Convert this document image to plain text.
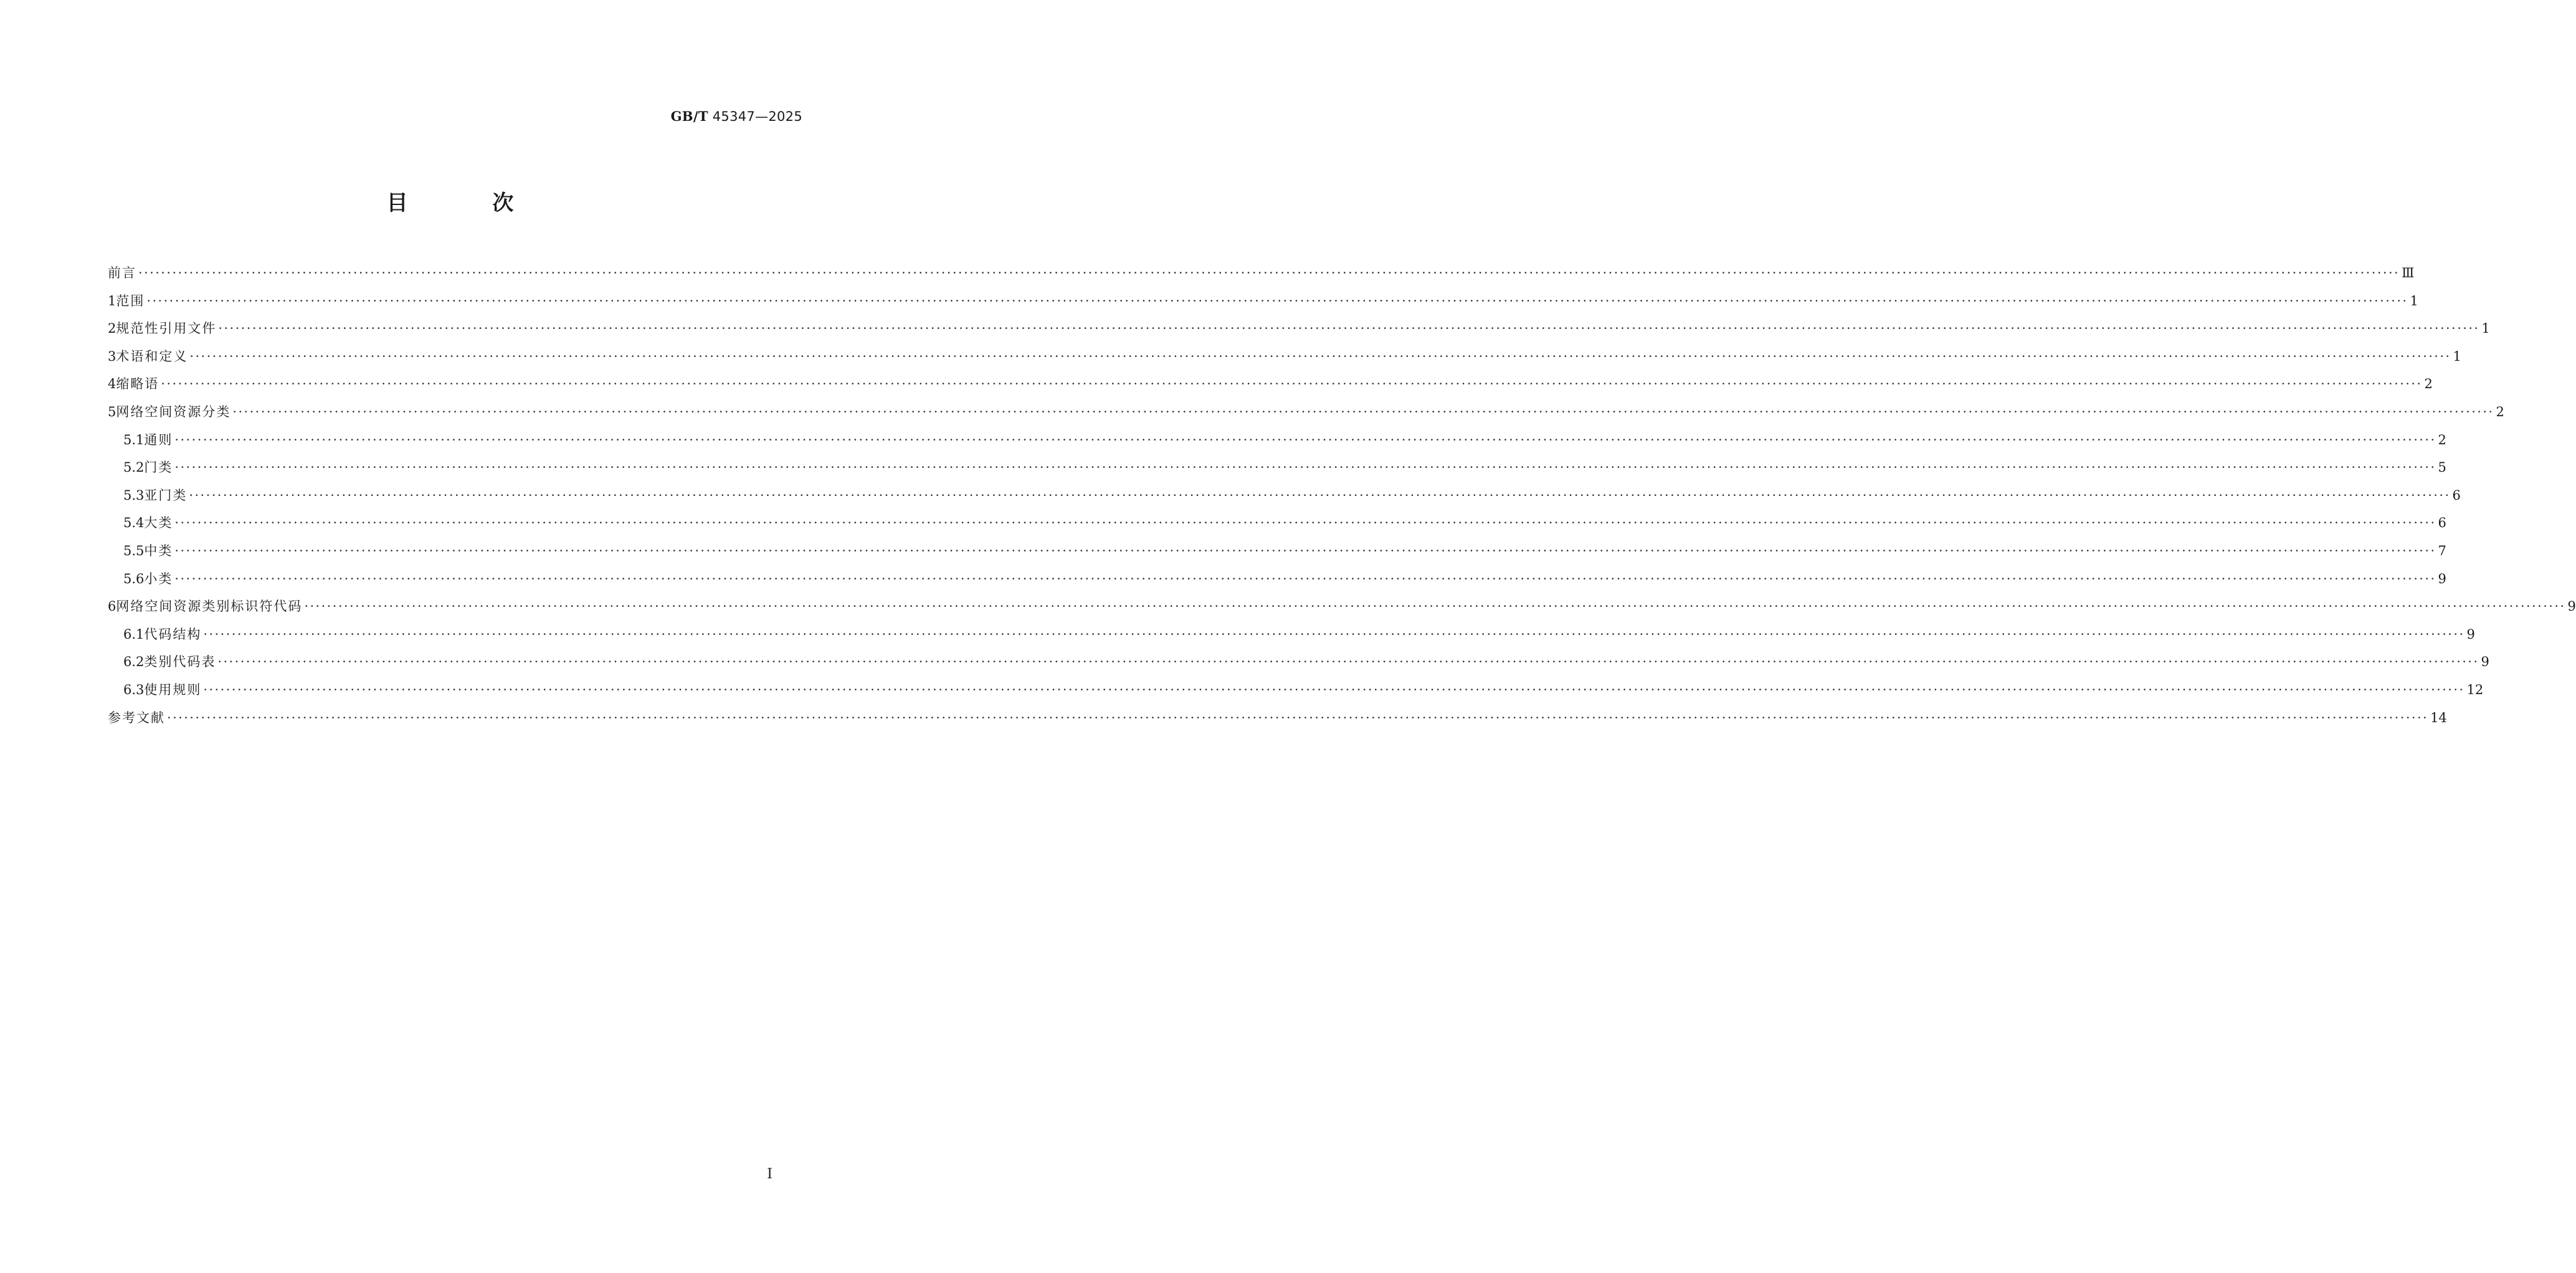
GB/T 45347—2025
目 次
前言 ················································································································································································································································································································································································································ Ⅲ
1 范围 ················································································································································································································································································································································································································ 1
2 规范性引用文件 ················································································································································································································································································································································································································ 1
3 术语和定义 ················································································································································································································································································································································································································ 1
4 缩略语 ················································································································································································································································································································································································································ 2
5 网络空间资源分类 ················································································································································································································································································································································································································ 2
5.1 通则 ················································································································································································································································································································································································································ 2
5.2 门类 ················································································································································································································································································································································································································ 5
5.3 亚门类 ················································································································································································································································································································································································································ 6
5.4 大类 ················································································································································································································································································································································································································ 6
5.5 中类 ················································································································································································································································································································································································································ 7
5.6 小类 ················································································································································································································································································································································································································ 9
6 网络空间资源类别标识符代码 ················································································································································································································································································································································································································ 9
6.1 代码结构 ················································································································································································································································································································································································································ 9
6.2 类别代码表 ················································································································································································································································································································································································································ 9
6.3 使用规则 ················································································································································································································································································································································································································ 12
参考文献 ················································································································································································································································································································································································································ 14
Ⅰ
